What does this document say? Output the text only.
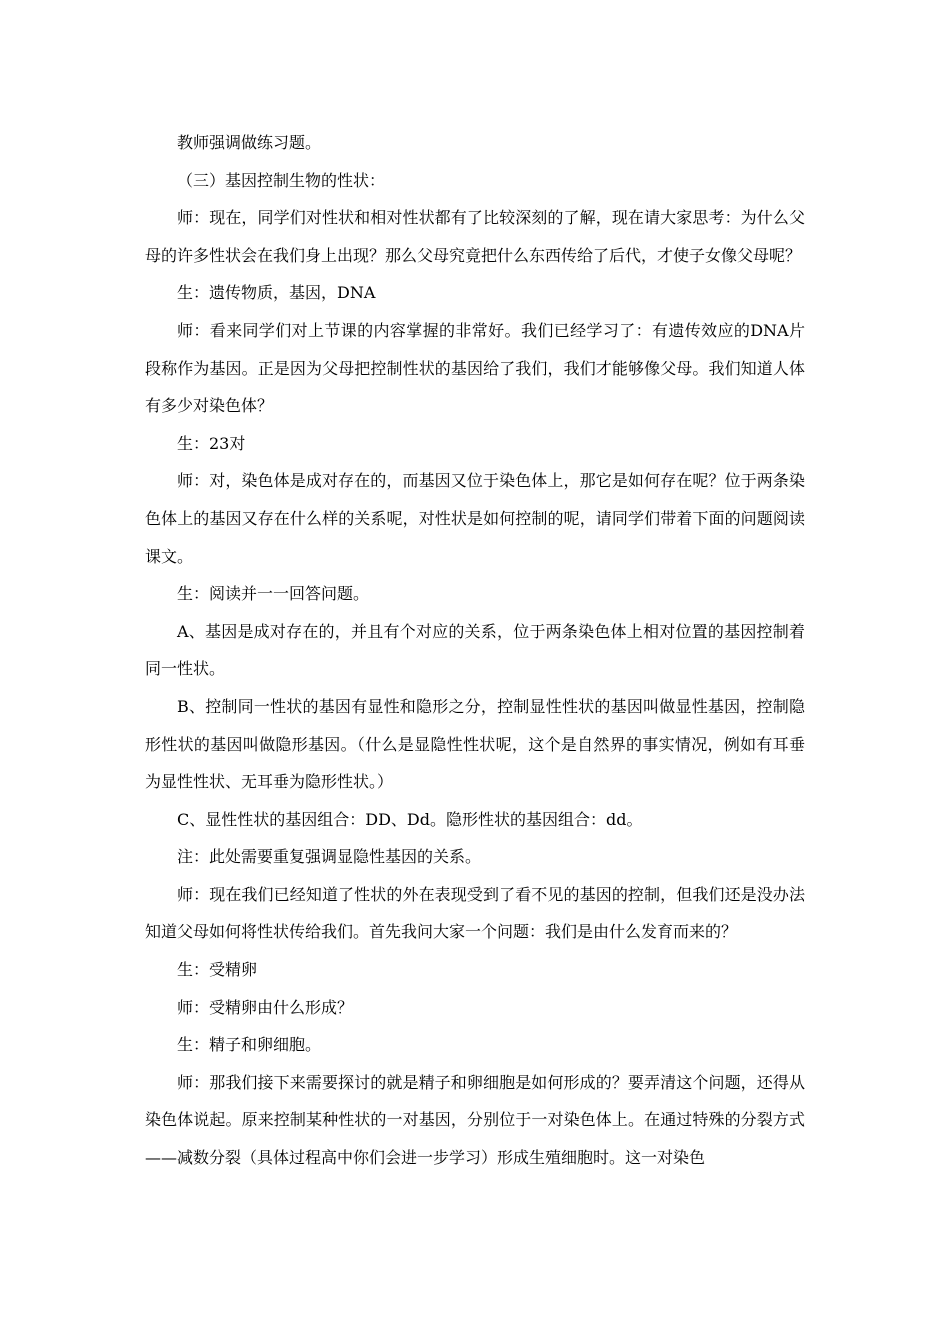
教师强调做练习题。

（三）基因控制生物的性状：

师：现在，同学们对性状和相对性状都有了比较深刻的了解，现在请大家思考：为什么父母的许多性状会在我们身上出现？那么父母究竟把什么东西传给了后代，才使子女像父母呢？

生：遗传物质，基因，DNA

师：看来同学们对上节课的内容掌握的非常好。我们已经学习了：有遗传效应的DNA片段称作为基因。正是因为父母把控制性状的基因给了我们，我们才能够像父母。我们知道人体有多少对染色体？

生：23对

师：对，染色体是成对存在的，而基因又位于染色体上，那它是如何存在呢？位于两条染色体上的基因又存在什么样的关系呢，对性状是如何控制的呢，请同学们带着下面的问题阅读课文。

生：阅读并一一回答问题。

A、基因是成对存在的，并且有个对应的关系，位于两条染色体上相对位置的基因控制着同一性状。

B、控制同一性状的基因有显性和隐形之分，控制显性性状的基因叫做显性基因，控制隐形性状的基因叫做隐形基因。（什么是显隐性性状呢，这个是自然界的事实情况，例如有耳垂为显性性状、无耳垂为隐形性状。）

C、显性性状的基因组合：DD、Dd。隐形性状的基因组合：dd。

注：此处需要重复强调显隐性基因的关系。

师：现在我们已经知道了性状的外在表现受到了看不见的基因的控制，但我们还是没办法知道父母如何将性状传给我们。首先我问大家一个问题：我们是由什么发育而来的？

生：受精卵

师：受精卵由什么形成？

生：精子和卵细胞。

师：那我们接下来需要探讨的就是精子和卵细胞是如何形成的？要弄清这个问题，还得从染色体说起。原来控制某种性状的一对基因，分别位于一对染色体上。在通过特殊的分裂方式——减数分裂（具体过程高中你们会进一步学习）形成生殖细胞时。这一对染色
